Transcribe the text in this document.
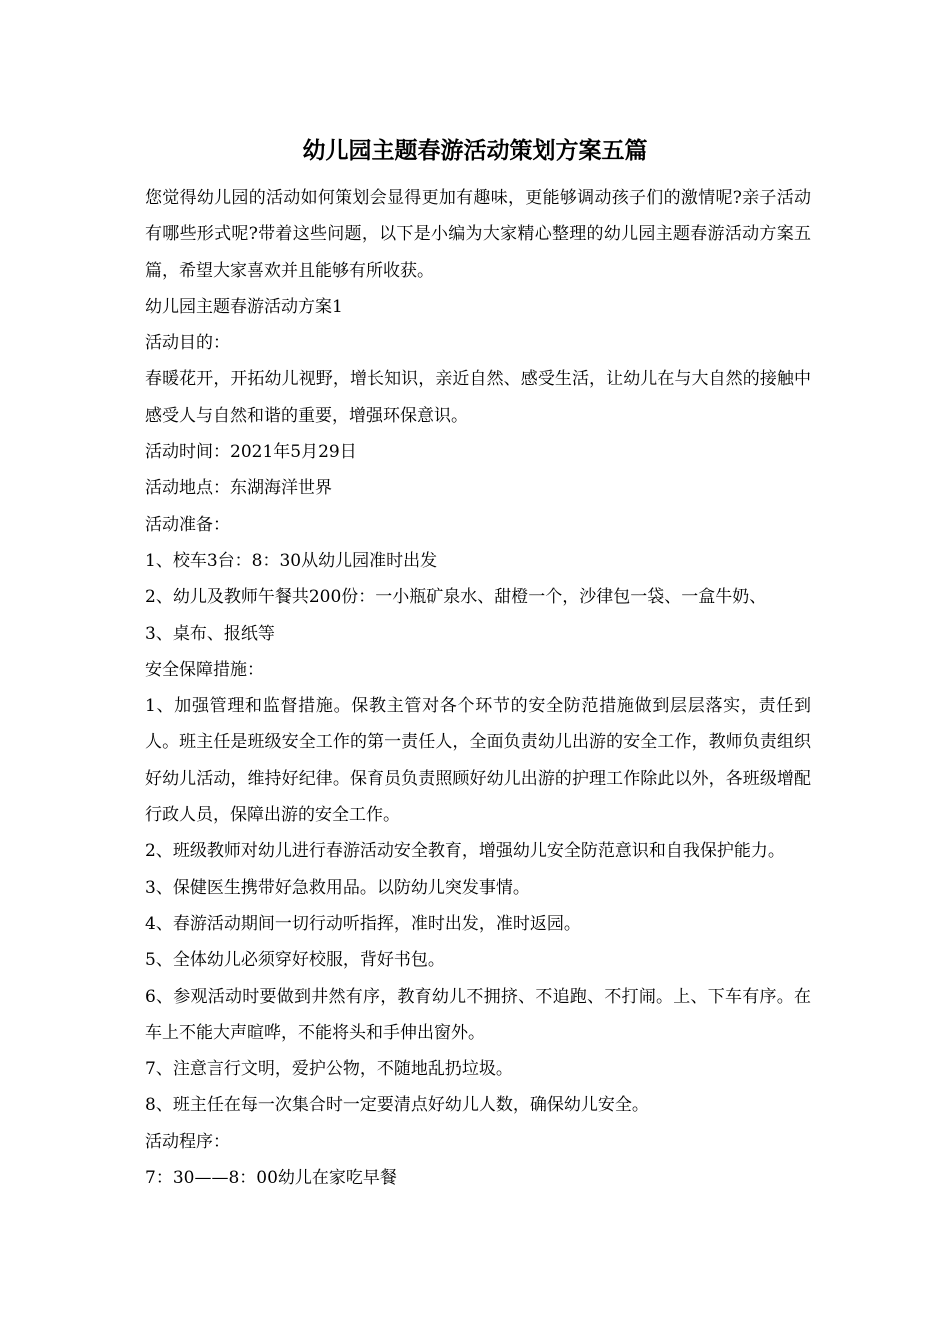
幼儿园主题春游活动策划方案五篇

您觉得幼儿园的活动如何策划会显得更加有趣味，更能够调动孩子们的激情呢?亲子活动有哪些形式呢?带着这些问题，以下是小编为大家精心整理的幼儿园主题春游活动方案五篇，希望大家喜欢并且能够有所收获。

幼儿园主题春游活动方案1

活动目的：

春暖花开，开拓幼儿视野，增长知识，亲近自然、感受生活，让幼儿在与大自然的接触中感受人与自然和谐的重要，增强环保意识。

活动时间：2021年5月29日

活动地点：东湖海洋世界

活动准备：

1、校车3台：8：30从幼儿园准时出发

2、幼儿及教师午餐共200份：一小瓶矿泉水、甜橙一个，沙律包一袋、一盒牛奶、

3、桌布、报纸等

安全保障措施：

1、加强管理和监督措施。保教主管对各个环节的安全防范措施做到层层落实，责任到人。班主任是班级安全工作的第一责任人，全面负责幼儿出游的安全工作，教师负责组织好幼儿活动，维持好纪律。保育员负责照顾好幼儿出游的护理工作除此以外，各班级增配行政人员，保障出游的安全工作。

2、班级教师对幼儿进行春游活动安全教育，增强幼儿安全防范意识和自我保护能力。

3、保健医生携带好急救用品。以防幼儿突发事情。

4、春游活动期间一切行动听指挥，准时出发，准时返园。

5、全体幼儿必须穿好校服，背好书包。

6、参观活动时要做到井然有序，教育幼儿不拥挤、不追跑、不打闹。上、下车有序。在车上不能大声暄哗，不能将头和手伸出窗外。

7、注意言行文明，爱护公物，不随地乱扔垃圾。

8、班主任在每一次集合时一定要清点好幼儿人数，确保幼儿安全。

活动程序：

7：30——8：00幼儿在家吃早餐
